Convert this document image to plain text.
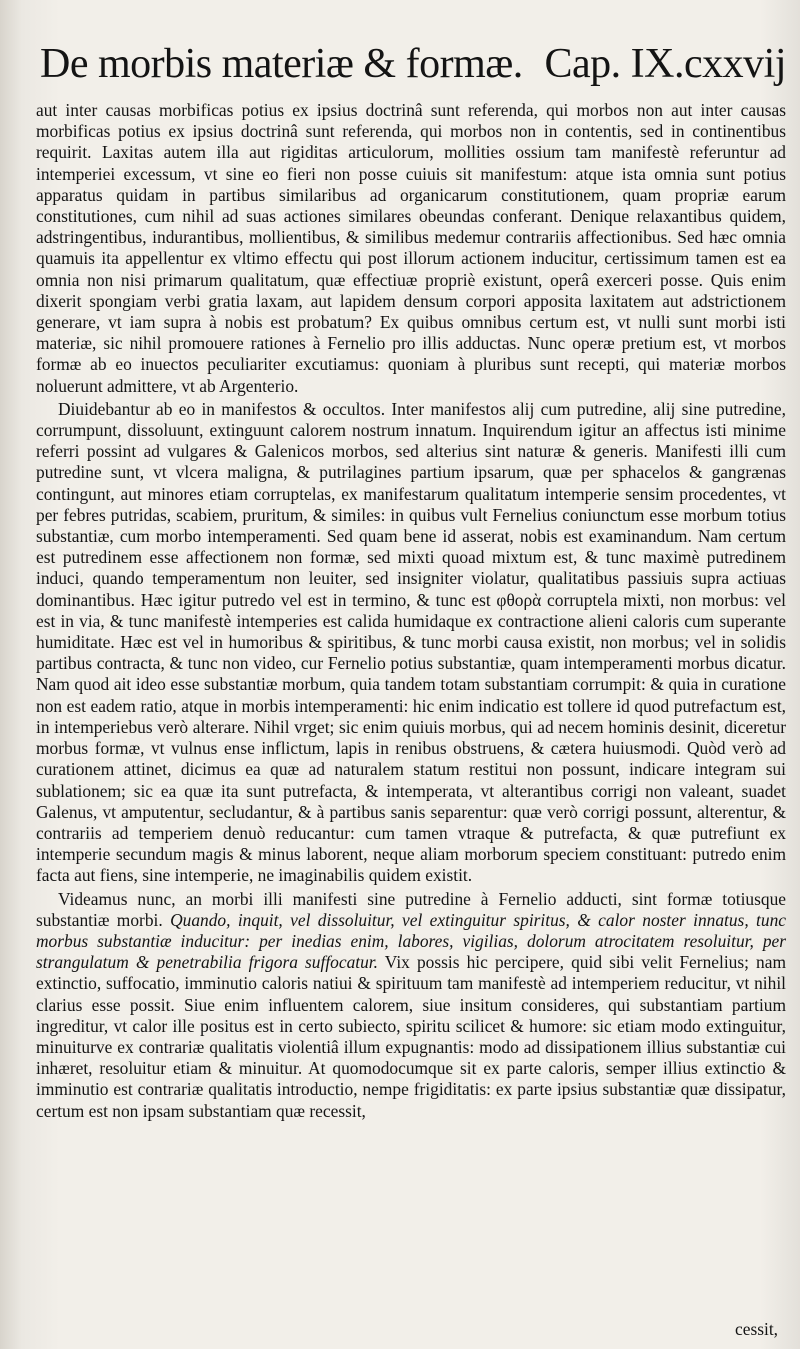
De morbis materiæ & formæ. Cap. IX.cxxvij

aut inter causas morbificas potius ex ipsius doctrinâ sunt referenda, qui morbos non aut inter causas morbificas potius ex ipsius doctrinâ sunt referenda, qui morbos non in contentis, sed in continentibus requirit. Laxitas autem illa aut rigiditas articulorum, mollities ossium tam manifestè referuntur ad intemperiei excessum, vt sine eo fieri non posse cuiuis sit manifestum: atque ista omnia sunt potius apparatus quidam in partibus similaribus ad organicarum constitutionem, quam propriæ earum constitutiones, cum nihil ad suas actiones similares obeundas conferant. Denique relaxantibus quidem, adstringentibus, indurantibus, mollientibus, & similibus medemur contrariis affectionibus. Sed hæc omnia quamuis ita appellentur ex vltimo effectu qui post illorum actionem inducitur, certissimum tamen est ea omnia non nisi primarum qualitatum, quæ effectiuæ propriè existunt, operâ exerceri posse. Quis enim dixerit spongiam verbi gratia laxam, aut lapidem densum corpori apposita laxitatem aut adstrictionem generare, vt iam supra à nobis est probatum? Ex quibus omnibus certum est, vt nulli sunt morbi isti materiæ, sic nihil promouere rationes à Fernelio pro illis adductas. Nunc operæ pretium est, vt morbos formæ ab eo inuectos peculiariter excutiamus: quoniam à pluribus sunt recepti, qui materiæ morbos noluerunt admittere, vt ab Argenterio.

Diuidebantur ab eo in manifestos & occultos. Inter manifestos alij cum putredine, alij sine putredine, corrumpunt, dissoluunt, extinguunt calorem nostrum innatum. Inquirendum igitur an affectus isti minime referri possint ad vulgares & Galenicos morbos, sed alterius sint naturæ & generis. Manifesti illi cum putredine sunt, vt vlcera maligna, & putrilagines partium ipsarum, quæ per sphacelos & gangrænas contingunt, aut minores etiam corruptelas, ex manifestarum qualitatum intemperie sensim procedentes, vt per febres putridas, scabiem, pruritum, & similes: in quibus vult Fernelius coniunctum esse morbum totius substantiæ, cum morbo intemperamenti. Sed quam bene id asserat, nobis est examinandum. Nam certum est putredinem esse affectionem non formæ, sed mixti quoad mixtum est, & tunc maximè putredinem induci, quando temperamentum non leuiter, sed insigniter violatur, qualitatibus passiuis supra actiuas dominantibus. Hæc igitur putredo vel est in termino, & tunc est φθορὰ corruptela mixti, non morbus: vel est in via, & tunc manifestè intemperies est calida humidaque ex contractione alieni caloris cum superante humiditate. Hæc est vel in humoribus & spiritibus, & tunc morbi causa existit, non morbus; vel in solidis partibus contracta, & tunc non video, cur Fernelio potius substantiæ, quam intemperamenti morbus dicatur. Nam quod ait ideo esse substantiæ morbum, quia tandem totam substantiam corrumpit: & quia in curatione non est eadem ratio, atque in morbis intemperamenti: hic enim indicatio est tollere id quod putrefactum est, in intemperiebus verò alterare. Nihil vrget; sic enim quiuis morbus, qui ad necem hominis desinit, diceretur morbus formæ, vt vulnus ense inflictum, lapis in renibus obstruens, & cætera huiusmodi. Quòd verò ad curationem attinet, dicimus ea quæ ad naturalem statum restitui non possunt, indicare integram sui sublationem; sic ea quæ ita sunt putrefacta, & intemperata, vt alterantibus corrigi non valeant, suadet Galenus, vt amputentur, secludantur, & à partibus sanis separentur: quæ verò corrigi possunt, alterentur, & contrariis ad temperiem denuò reducantur: cum tamen vtraque & putrefacta, & quæ putrefiunt ex intemperie secundum magis & minus laborent, neque aliam morborum speciem constituant: putredo enim facta aut fiens, sine intemperie, ne imaginabilis quidem existit.

Videamus nunc, an morbi illi manifesti sine putredine à Fernelio adducti, sint formæ totiusque substantiæ morbi. Quando, inquit, vel dissoluitur, vel extinguitur spiritus, & calor noster innatus, tunc morbus substantiæ inducitur: per inedias enim, labores, vigilias, dolorum atrocitatem resoluitur, per strangulatum & penetrabilia frigora suffocatur. Vix possis hic percipere, quid sibi velit Fernelius; nam extinctio, suffocatio, imminutio caloris natiui & spirituum tam manifestè ad intemperiem reducitur, vt nihil clarius esse possit. Siue enim influentem calorem, siue insitum consideres, qui substantiam partium ingreditur, vt calor ille positus est in certo subiecto, spiritu scilicet & humore: sic etiam modo extinguitur, minuiturve ex contrariæ qualitatis violentiâ illum expugnantis: modo ad dissipationem illius substantiæ cui inhæret, resoluitur etiam & minuitur. At quomodocumque sit ex parte caloris, semper illius extinctio & imminutio est contrariæ qualitatis introductio, nempe frigiditatis: ex parte ipsius substantiæ quæ dissipatur, certum est non ipsam substantiam quæ recessit,

cessit,
